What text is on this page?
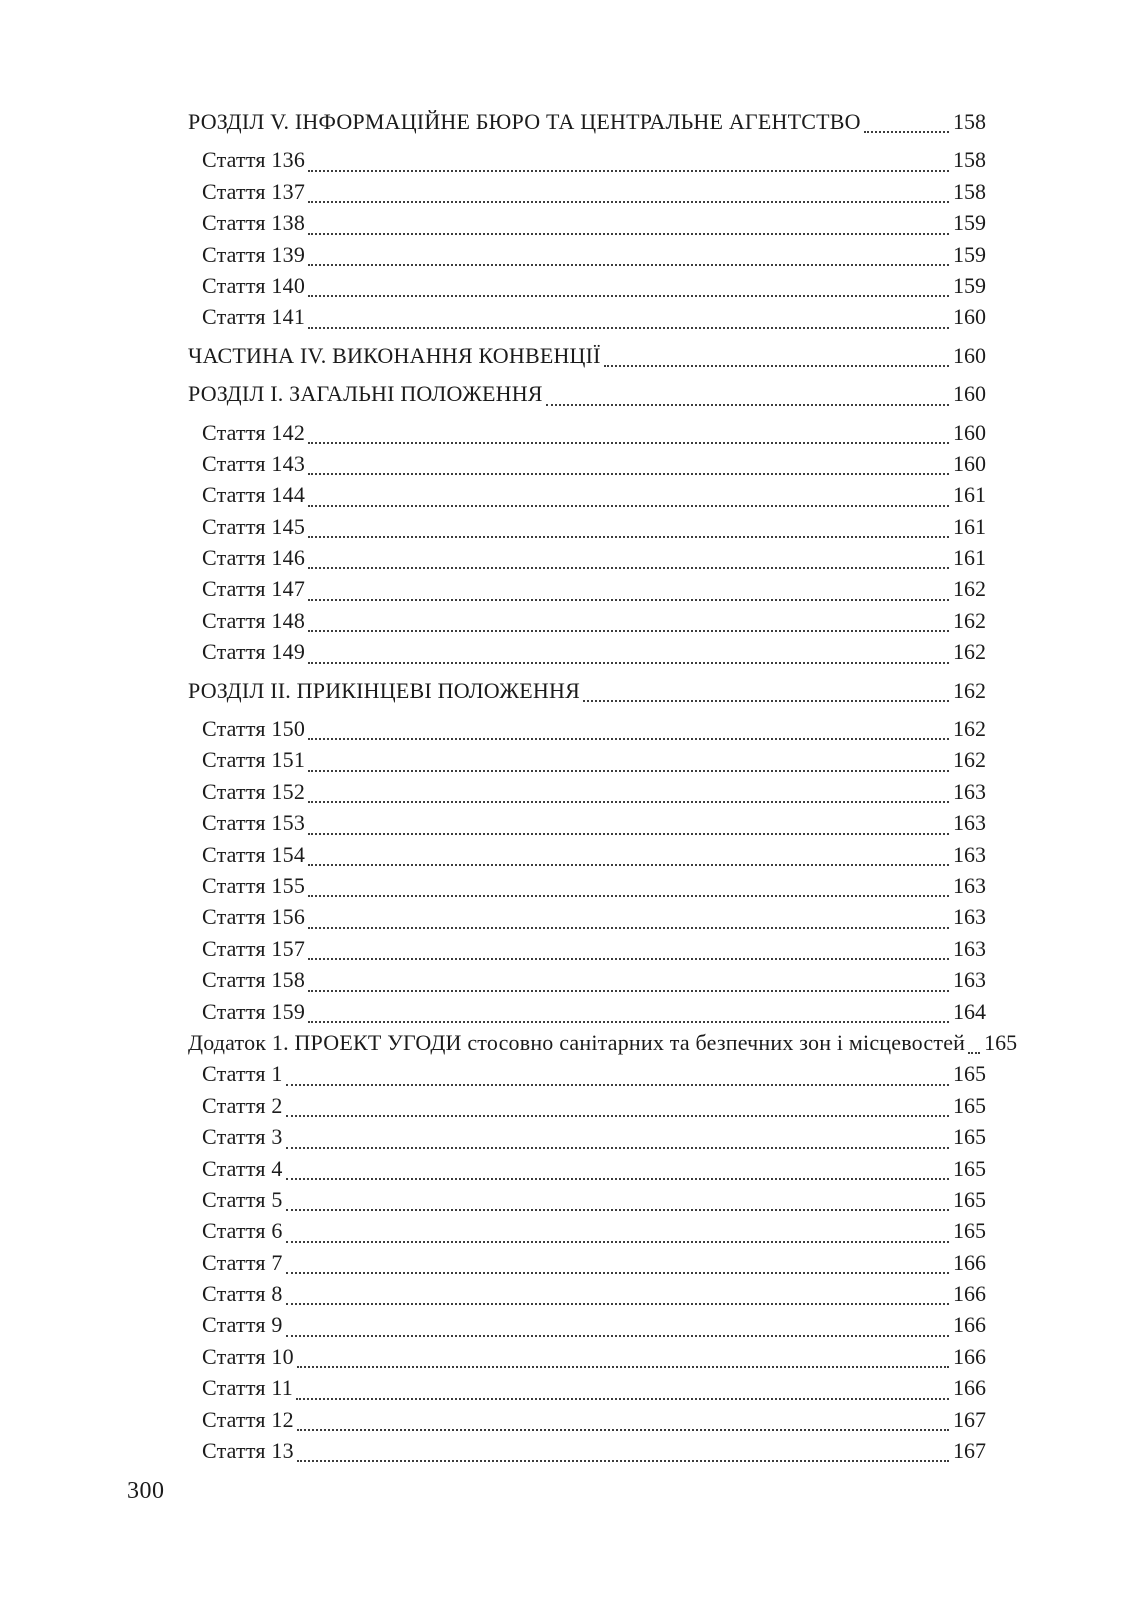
РОЗДІЛ V. ІНФОРМАЦІЙНЕ БЮРО ТА ЦЕНТРАЛЬНЕ АГЕНТСТВО	158
Стаття 136	158
Стаття 137	158
Стаття 138	159
Стаття 139	159
Стаття 140	159
Стаття 141	160
ЧАСТИНА IV. ВИКОНАННЯ КОНВЕНЦІЇ	160
РОЗДІЛ I. ЗАГАЛЬНІ ПОЛОЖЕННЯ	160
Стаття 142	160
Стаття 143	160
Стаття 144	161
Стаття 145	161
Стаття 146	161
Стаття 147	162
Стаття 148	162
Стаття 149	162
РОЗДІЛ II. ПРИКІНЦЕВІ ПОЛОЖЕННЯ	162
Стаття 150	162
Стаття 151	162
Стаття 152	163
Стаття 153	163
Стаття 154	163
Стаття 155	163
Стаття 156	163
Стаття 157	163
Стаття 158	163
Стаття 159	164
Додаток 1. ПРОЕКТ УГОДИ стосовно санітарних та безпечних зон і місцевостей 165
Стаття 1	165
Стаття 2	165
Стаття 3	165
Стаття 4	165
Стаття 5	165
Стаття 6	165
Стаття 7	166
Стаття 8	166
Стаття 9	166
Стаття 10	166
Стаття 11	166
Стаття 12	167
Стаття 13	167
300
